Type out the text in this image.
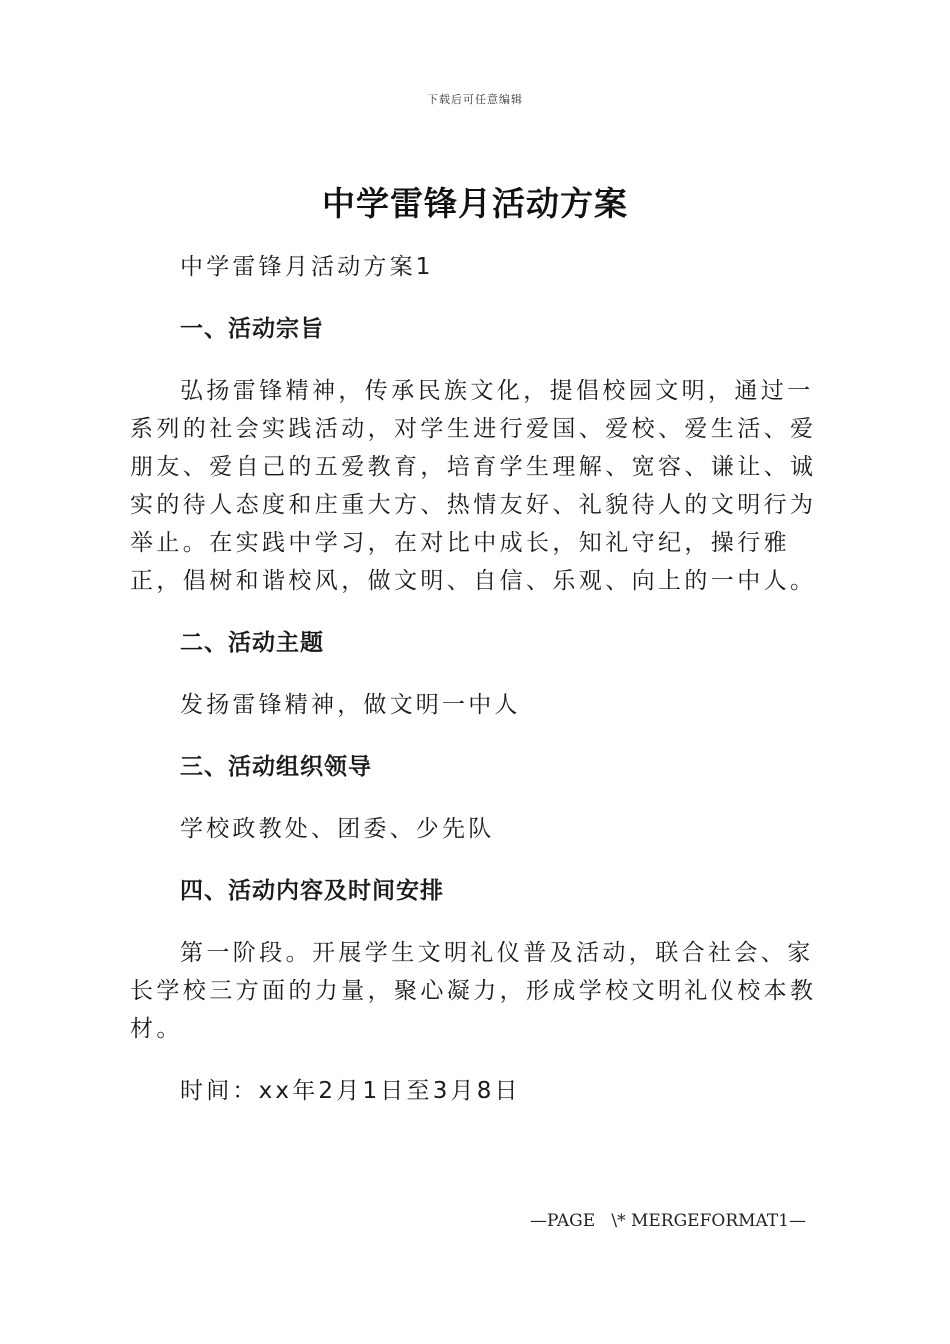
下载后可任意编辑
中学雷锋月活动方案

中学雷锋月活动方案1

一、活动宗旨

弘扬雷锋精神，传承民族文化，提倡校园文明，通过一系列的社会实践活动，对学生进行爱国、爱校、爱生活、爱朋友、爱自己的五爱教育，培育学生理解、宽容、谦让、诚实的待人态度和庄重大方、热情友好、礼貌待人的文明行为举止。在实践中学习，在对比中成长，知礼守纪，操行雅正，倡树和谐校风，做文明、自信、乐观、向上的一中人。

二、活动主题

发扬雷锋精神，做文明一中人

三、活动组织领导

学校政教处、团委、少先队

四、活动内容及时间安排

第一阶段。开展学生文明礼仪普及活动，联合社会、家长学校三方面的力量，聚心凝力，形成学校文明礼仪校本教材。

时间：xx年2月1日至3月8日

—PAGE   \* MERGEFORMAT1—
